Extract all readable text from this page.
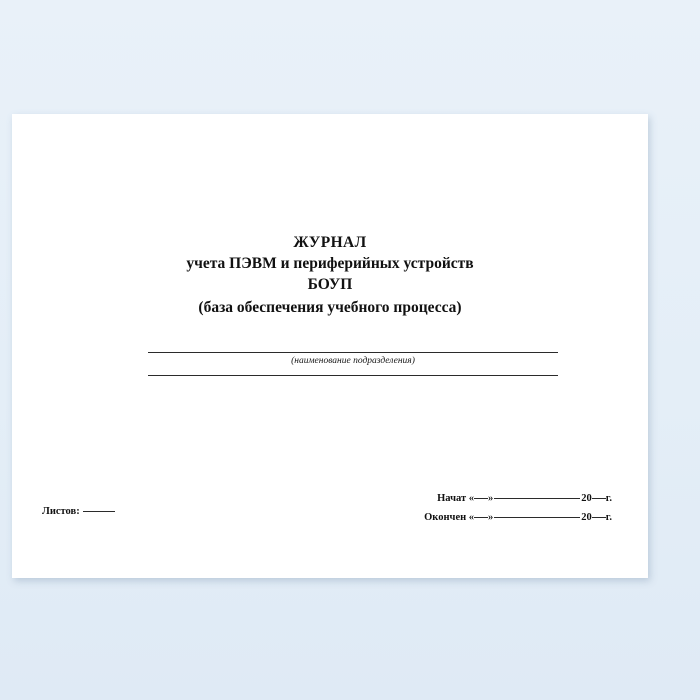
ЖУРНАЛ
учета ПЭВМ и периферийных устройств
БОУП
(база обеспечения учебного процесса)
(наименование подразделения)
Листов:
Начат « »	20 г.
Окончен « »	20 г.
